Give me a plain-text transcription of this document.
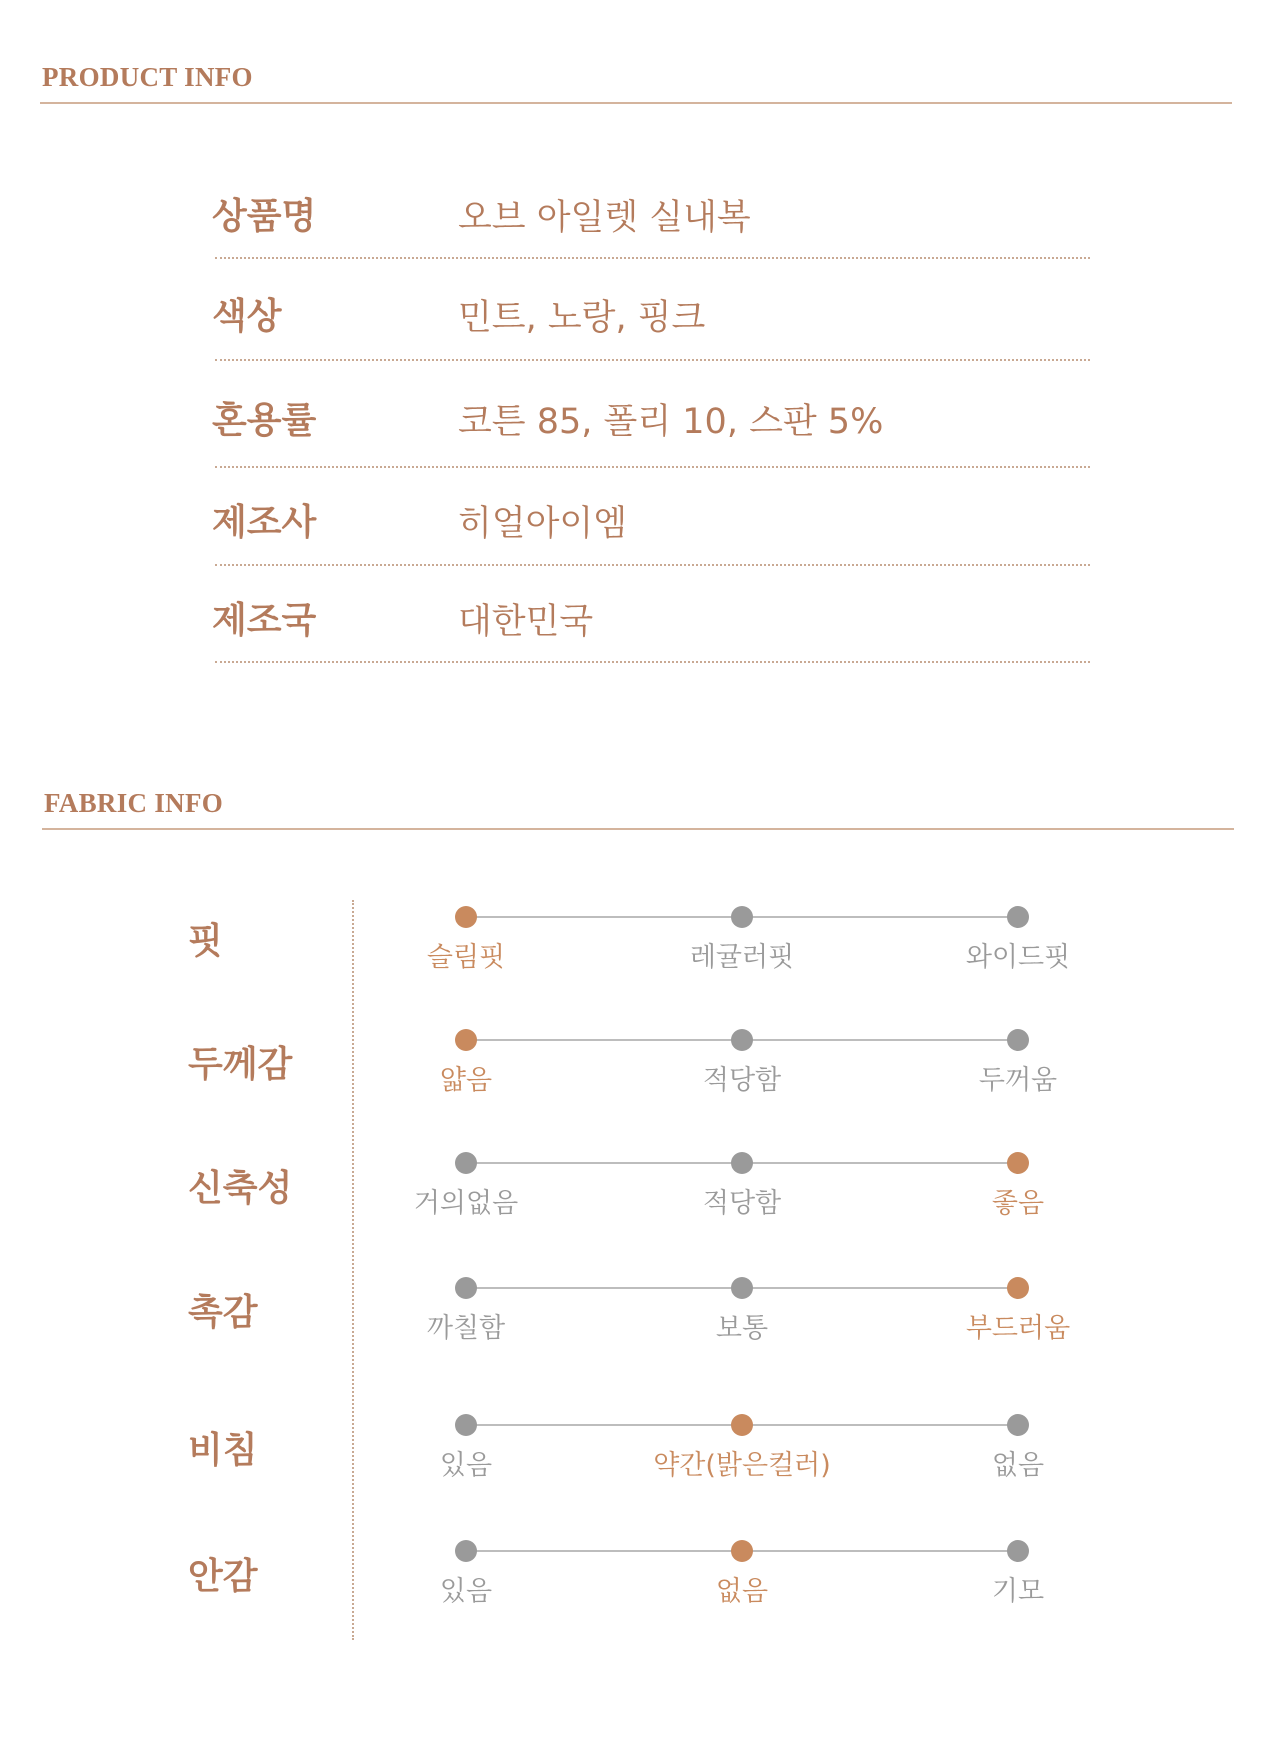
PRODUCT INFO
상품명	오브 아일렛 실내복
색상	민트, 노랑, 핑크
혼용률	코튼 85, 폴리 10, 스판 5%
제조사	히얼아이엠
제조국	대한민국
FABRIC INFO
핏	슬림핏	레귤러핏	와이드핏
두께감	얇음	적당함	두꺼움
신축성	거의없음	적당함	좋음
촉감	까칠함	보통	부드러움
비침	있음	약간(밝은컬러)	없음
안감	있음	없음	기모
